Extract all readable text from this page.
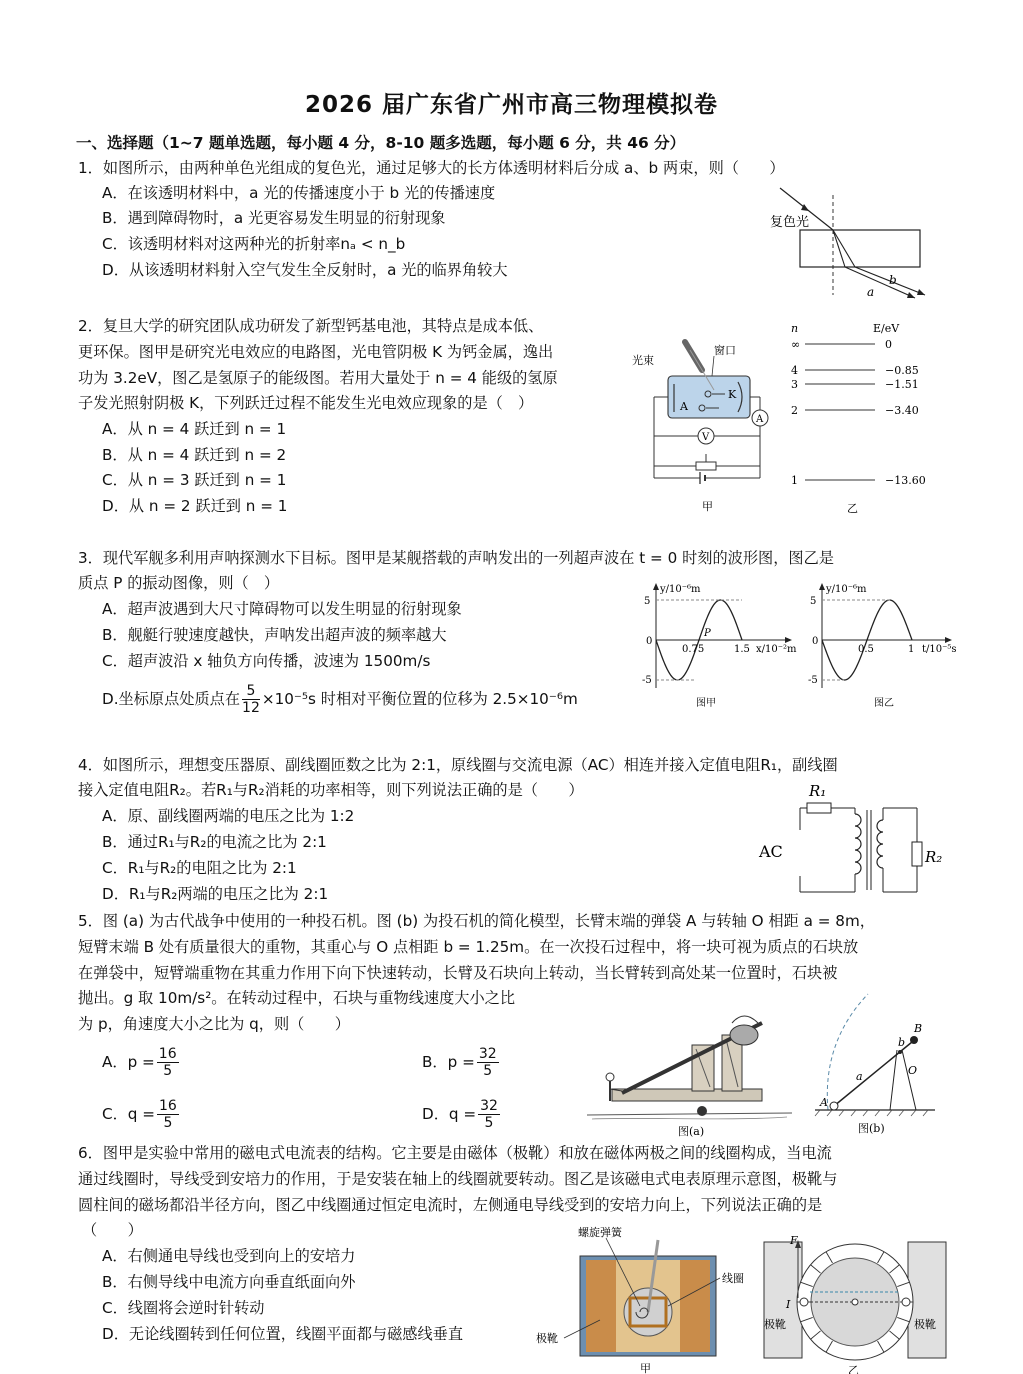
2026 届广东省广州市高三物理模拟卷
一、选择题（1~7 题单选题，每小题 4 分，8-10 题多选题，每小题 6 分，共 46 分）
1．如图所示，由两种单色光组成的复色光，通过足够大的长方体透明材料后分成 a、b 两束，则（　　）
A．在该透明材料中，a 光的传播速度小于 b 光的传播速度
B．遇到障碍物时，a 光更容易发生明显的衍射现象
C．该透明材料对这两种光的折射率nₐ < n_b
D．从该透明材料射入空气发生全反射时，a 光的临界角较大
复色光
b
a
2．复旦大学的研究团队成功研发了新型钙基电池，其特点是成本低、
更环保。图甲是研究光电效应的电路图，光电管阴极 K 为钙金属，逸出
功为 3.2eV，图乙是氢原子的能级图。若用大量处于 n = 4 能级的氢原
子发光照射阴极 K，下列跃迁过程不能发生光电效应现象的是（　）
A．从 n = 4 跃迁到 n = 1
B．从 n = 4 跃迁到 n = 2
C．从 n = 3 跃迁到 n = 1
D．从 n = 2 跃迁到 n = 1
光束
窗口
A
K
A
V
甲
n	E/eV
∞	0
4	−0.85
3	−1.51
2	−3.40
1	−13.60
乙
3．现代军舰多利用声呐探测水下目标。图甲是某舰搭载的声呐发出的一列超声波在 t = 0 时刻的波形图，图乙是
质点 P 的振动图像，则（　）
A．超声波遇到大尺寸障碍物可以发生明显的衍射现象
B．舰艇行驶速度越快，声呐发出超声波的频率越大
C．超声波沿 x 轴负方向传播，波速为 1500m/s
D.坐标原点处质点在 $\frac{5}{12} \times 10^{-5}s$ 时相对平衡位置的位移为 2.5×10⁻⁶m
y/10⁻⁶m
x/10⁻²m
5
-5
0
0.75	1.5
P
图甲
y/10⁻⁶m
t/10⁻⁵s
5
-5
0
0.5	1
图乙
4．如图所示，理想变压器原、副线圈匝数之比为 2:1，原线圈与交流电源（AC）相连并接入定值电阻R₁，副线圈
接入定值电阻R₂。若R₁与R₂消耗的功率相等，则下列说法正确的是（　　）
A．原、副线圈两端的电压之比为 1:2
B．通过R₁与R₂的电流之比为 2:1
C．R₁与R₂的电阻之比为 2:1
D．R₁与R₂两端的电压之比为 2:1
AC
R₁
R₂
5．图 (a) 为古代战争中使用的一种投石机。图 (b) 为投石机的简化模型，长臂末端的弹袋 A 与转轴 O 相距 a = 8m，
短臂末端 B 处有质量很大的重物，其重心与 O 点相距 b = 1.25m。在一次投石过程中，将一块可视为质点的石块放
在弹袋中，短臂端重物在其重力作用下向下快速转动，长臂及石块向上转动，当长臂转到高处某一位置时，石块被
抛出。g 取 10m/s²。在转动过程中，石块与重物线速度大小之比
为 p，角速度大小之比为 q，则（　　）
A．$p = \frac{16}{5}$	B．$p = \frac{32}{5}$
C．$q = \frac{16}{5}$	D．$q = \frac{32}{5}$
图(a)
A
B
O
a
b
图(b)
6．图甲是实验中常用的磁电式电流表的结构。它主要是由磁体（极靴）和放在磁体两极之间的线圈构成，当电流
通过线圈时，导线受到安培力的作用，于是安装在轴上的线圈就要转动。图乙是该磁电式电表原理示意图，极靴与
圆柱间的磁场都沿半径方向，图乙中线圈通过恒定电流时，左侧通电导线受到的安培力向上，下列说法正确的是
（　　）
A．右侧通电导线也受到向上的安培力
B．右侧导线中电流方向垂直纸面向外
C．线圈将会逆时针转动
D．无论线圈转到任何位置，线圈平面都与磁感线垂直
螺旋弹簧
线圈
极靴
甲
F
I
极靴	极靴
乙
